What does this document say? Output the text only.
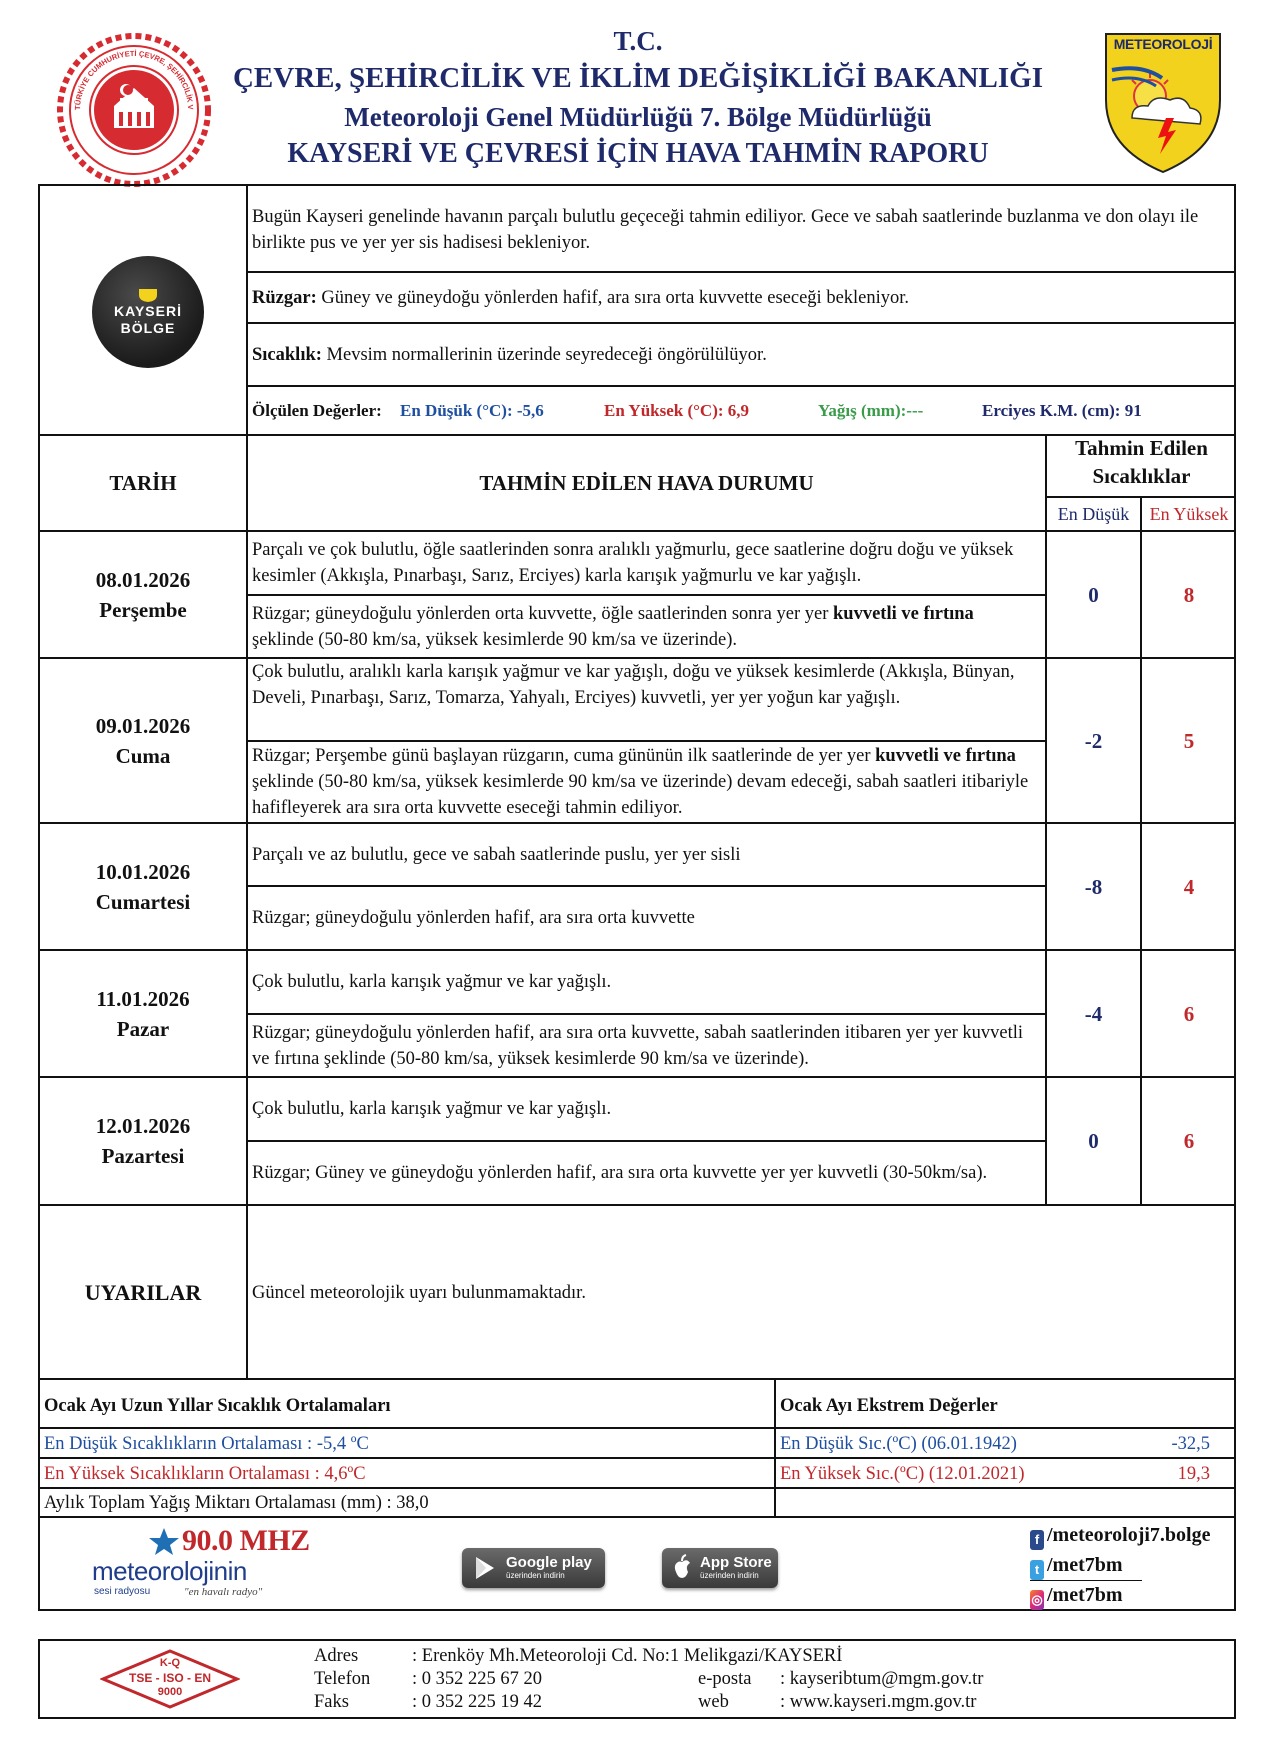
T.C.
ÇEVRE, ŞEHİRCİLİK VE İKLİM DEĞİŞİKLİĞİ BAKANLIĞI
Meteoroloji Genel Müdürlüğü 7. Bölge Müdürlüğü
KAYSERİ VE ÇEVRESİ İÇİN HAVA TAHMİN RAPORU
TÜRKİYE CUMHURİYETİ ÇEVRE, ŞEHİRCİLİK V
METEOROLOJİ
KAYSERİ
BÖLGE
Bugün Kayseri genelinde havanın parçalı bulutlu geçeceği tahmin ediliyor. Gece ve sabah saatlerinde buzlanma ve don olayı ile birlikte pus ve yer yer sis hadisesi bekleniyor.
Rüzgar: Güney ve güneydoğu yönlerden hafif, ara sıra orta kuvvette eseceği bekleniyor.
Sıcaklık: Mevsim normallerinin üzerinde seyredeceği öngörülülüyor.
Ölçülen Değerler: En Düşük (°C): -5,6	En Yüksek (°C): 6,9	Yağış (mm):---	Erciyes K.M. (cm): 91
TARİH	TAHMİN EDİLEN HAVA DURUMU
Tahmin Edilen
Sıcaklıklar
En Düşük	En Yüksek
08.01.2026
Perşembe
Parçalı ve çok bulutlu, öğle saatlerinden sonra aralıklı yağmurlu, gece saatlerine doğru doğu ve yüksek kesimler (Akkışla, Pınarbaşı, Sarız, Erciyes) karla karışık yağmurlu ve kar yağışlı.
Rüzgar; güneydoğulu yönlerden orta kuvvette, öğle saatlerinden sonra yer yer kuvvetli ve fırtına şeklinde (50-80 km/sa, yüksek kesimlerde 90 km/sa ve üzerinde).
0	8
09.01.2026
Cuma
Çok bulutlu, aralıklı karla karışık yağmur ve kar yağışlı, doğu ve yüksek kesimlerde (Akkışla, Bünyan, Develi, Pınarbaşı, Sarız, Tomarza, Yahyalı, Erciyes) kuvvetli, yer yer yoğun kar yağışlı.
Rüzgar; Perşembe günü başlayan rüzgarın, cuma gününün ilk saatlerinde de yer yer kuvvetli ve fırtına şeklinde (50-80 km/sa, yüksek kesimlerde 90 km/sa ve üzerinde) devam edeceği, sabah saatleri itibariyle hafifleyerek ara sıra orta kuvvette eseceği tahmin ediliyor.
-2	5
10.01.2026
Cumartesi
Parçalı ve az bulutlu, gece ve sabah saatlerinde puslu, yer yer sisli
Rüzgar; güneydoğulu yönlerden hafif, ara sıra orta kuvvette
-8	4
11.01.2026
Pazar
Çok bulutlu, karla karışık yağmur ve kar yağışlı.
Rüzgar; güneydoğulu yönlerden hafif, ara sıra orta kuvvette, sabah saatlerinden itibaren yer yer kuvvetli ve fırtına şeklinde (50-80 km/sa, yüksek kesimlerde 90 km/sa ve üzerinde).
-4	6
12.01.2026
Pazartesi
Çok bulutlu, karla karışık yağmur ve kar yağışlı.
Rüzgar; Güney ve güneydoğu yönlerden hafif, ara sıra orta kuvvette yer yer kuvvetli (30-50km/sa).
0	6
UYARILAR	Güncel meteorolojik uyarı bulunmamaktadır.
Ocak Ayı Uzun Yıllar Sıcaklık Ortalamaları
En Düşük Sıcaklıkların Ortalaması : -5,4 ºC
En Yüksek Sıcaklıkların Ortalaması : 4,6ºC
Aylık Toplam Yağış Miktarı Ortalaması (mm) : 38,0
Ocak Ayı Ekstrem Değerler
En Düşük Sıc.(ºC) (06.01.1942)	-32,5
En Yüksek Sıc.(ºC) (12.01.2021)	19,3
90.0 MHZ
meteorolojinin
sesi radyosu	"en havalı radyo"
Google play
üzerinden indirin
App Store
üzerinden indirin
f /meteoroloji7.bolge
t /met7bm
◎ /met7bm
K-Q
TSE - ISO - EN
9000
Adres	: Erenköy Mh.Meteoroloji Cd. No:1 Melikgazi/KAYSERİ
Telefon : 0 352 225 67 20
Faks	: 0 352 225 19 42
e-posta : kayseribtum@mgm.gov.tr
web	: www.kayseri.mgm.gov.tr
